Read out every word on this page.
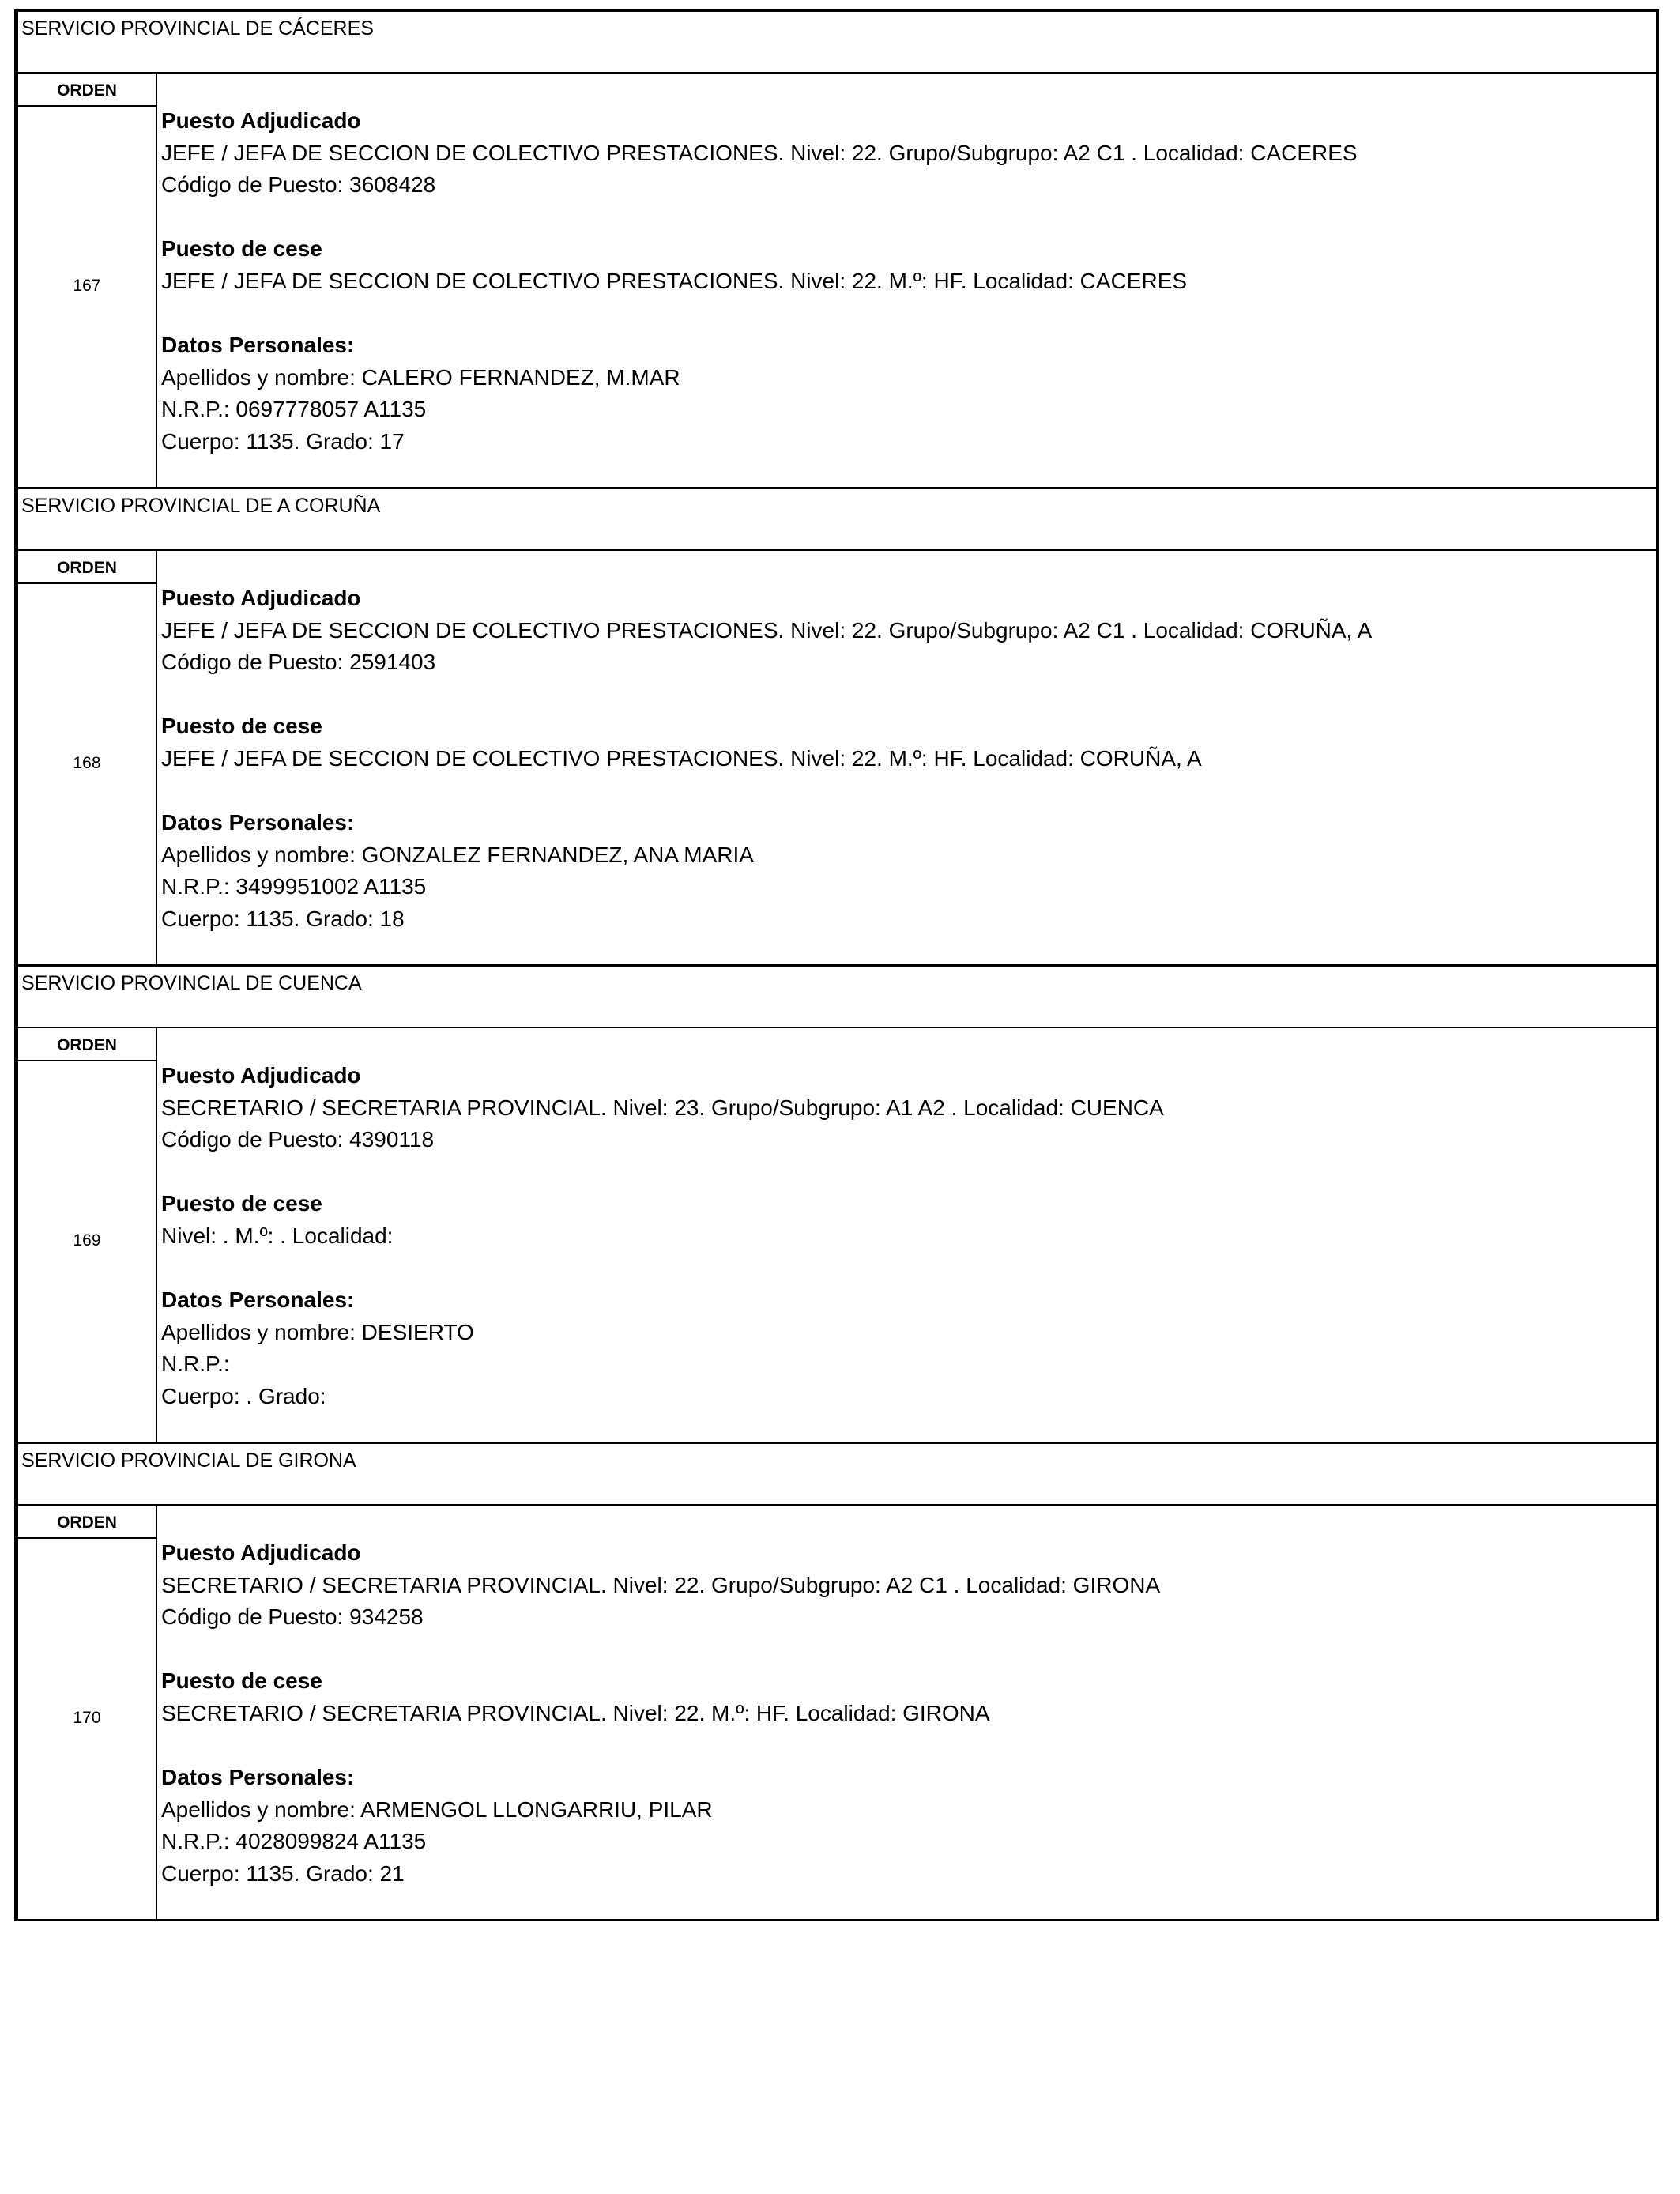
SERVICIO PROVINCIAL DE CÁCERES
ORDEN
167
Puesto Adjudicado
JEFE / JEFA DE SECCION DE COLECTIVO PRESTACIONES. Nivel: 22. Grupo/Subgrupo: A2 C1 . Localidad: CACERES
Código de Puesto: 3608428
Puesto de cese
JEFE / JEFA DE SECCION DE COLECTIVO PRESTACIONES. Nivel: 22. M.º: HF. Localidad: CACERES
Datos Personales:
Apellidos y nombre: CALERO FERNANDEZ, M.MAR
N.R.P.: 0697778057 A1135
Cuerpo: 1135. Grado: 17
SERVICIO PROVINCIAL DE A CORUÑA
ORDEN
168
Puesto Adjudicado
JEFE / JEFA DE SECCION DE COLECTIVO PRESTACIONES. Nivel: 22. Grupo/Subgrupo: A2 C1 . Localidad: CORUÑA, A
Código de Puesto: 2591403
Puesto de cese
JEFE / JEFA DE SECCION DE COLECTIVO PRESTACIONES. Nivel: 22. M.º: HF. Localidad: CORUÑA, A
Datos Personales:
Apellidos y nombre: GONZALEZ FERNANDEZ, ANA MARIA
N.R.P.: 3499951002 A1135
Cuerpo: 1135. Grado: 18
SERVICIO PROVINCIAL DE CUENCA
ORDEN
169
Puesto Adjudicado
SECRETARIO / SECRETARIA PROVINCIAL. Nivel: 23. Grupo/Subgrupo: A1 A2 . Localidad: CUENCA
Código de Puesto: 4390118
Puesto de cese
Nivel: . M.º: . Localidad:
Datos Personales:
Apellidos y nombre: DESIERTO
N.R.P.:
Cuerpo: . Grado:
SERVICIO PROVINCIAL DE GIRONA
ORDEN
170
Puesto Adjudicado
SECRETARIO / SECRETARIA PROVINCIAL. Nivel: 22. Grupo/Subgrupo: A2 C1 . Localidad: GIRONA
Código de Puesto: 934258
Puesto de cese
SECRETARIO / SECRETARIA PROVINCIAL. Nivel: 22. M.º: HF. Localidad: GIRONA
Datos Personales:
Apellidos y nombre: ARMENGOL LLONGARRIU, PILAR
N.R.P.: 4028099824 A1135
Cuerpo: 1135. Grado: 21
